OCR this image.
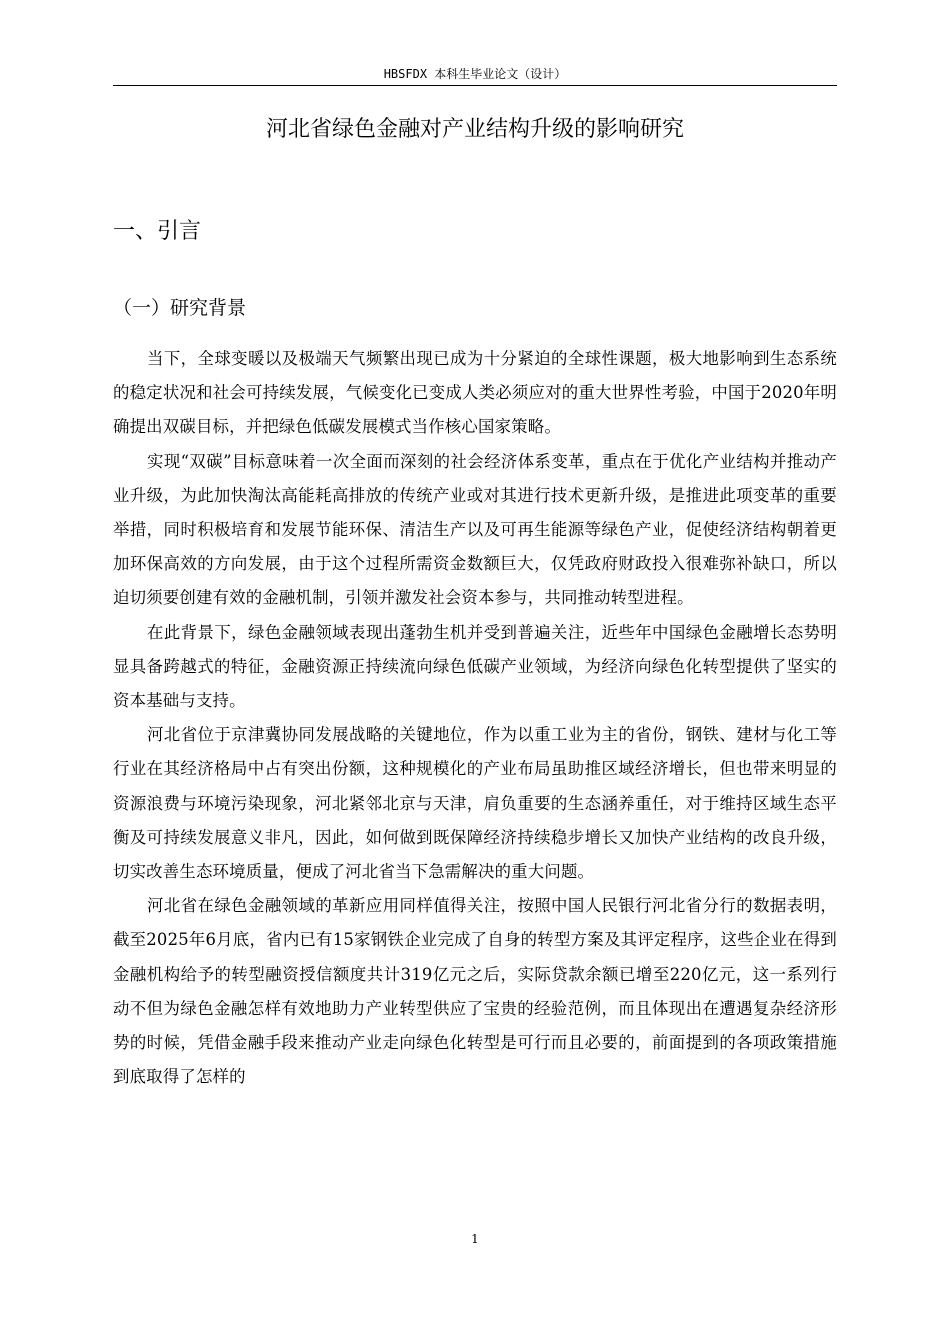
HBSFDX 本科生毕业论文（设计）
河北省绿色金融对产业结构升级的影响研究
一、引言
（一）研究背景

当下，全球变暖以及极端天气频繁出现已成为十分紧迫的全球性课题，极大地影响到生态系统的稳定状况和社会可持续发展，气候变化已变成人类必须应对的重大世界性考验，中国于2020年明确提出双碳目标，并把绿色低碳发展模式当作核心国家策略。

实现“双碳”目标意味着一次全面而深刻的社会经济体系变革，重点在于优化产业结构并推动产业升级，为此加快淘汰高能耗高排放的传统产业或对其进行技术更新升级，是推进此项变革的重要举措，同时积极培育和发展节能环保、清洁生产以及可再生能源等绿色产业，促使经济结构朝着更加环保高效的方向发展，由于这个过程所需资金数额巨大，仅凭政府财政投入很难弥补缺口，所以迫切须要创建有效的金融机制，引领并激发社会资本参与，共同推动转型进程。

在此背景下，绿色金融领域表现出蓬勃生机并受到普遍关注，近些年中国绿色金融增长态势明显具备跨越式的特征，金融资源正持续流向绿色低碳产业领域，为经济向绿色化转型提供了坚实的资本基础与支持。

河北省位于京津冀协同发展战略的关键地位，作为以重工业为主的省份，钢铁、建材与化工等行业在其经济格局中占有突出份额，这种规模化的产业布局虽助推区域经济增长，但也带来明显的资源浪费与环境污染现象，河北紧邻北京与天津，肩负重要的生态涵养重任，对于维持区域生态平衡及可持续发展意义非凡，因此，如何做到既保障经济持续稳步增长又加快产业结构的改良升级，切实改善生态环境质量，便成了河北省当下急需解决的重大问题。

河北省在绿色金融领域的革新应用同样值得关注，按照中国人民银行河北省分行的数据表明，截至2025年6月底，省内已有15家钢铁企业完成了自身的转型方案及其评定程序，这些企业在得到金融机构给予的转型融资授信额度共计319亿元之后，实际贷款余额已增至220亿元，这一系列行动不但为绿色金融怎样有效地助力产业转型供应了宝贵的经验范例，而且体现出在遭遇复杂经济形势的时候，凭借金融手段来推动产业走向绿色化转型是可行而且必要的，前面提到的各项政策措施到底取得了怎样的

1
